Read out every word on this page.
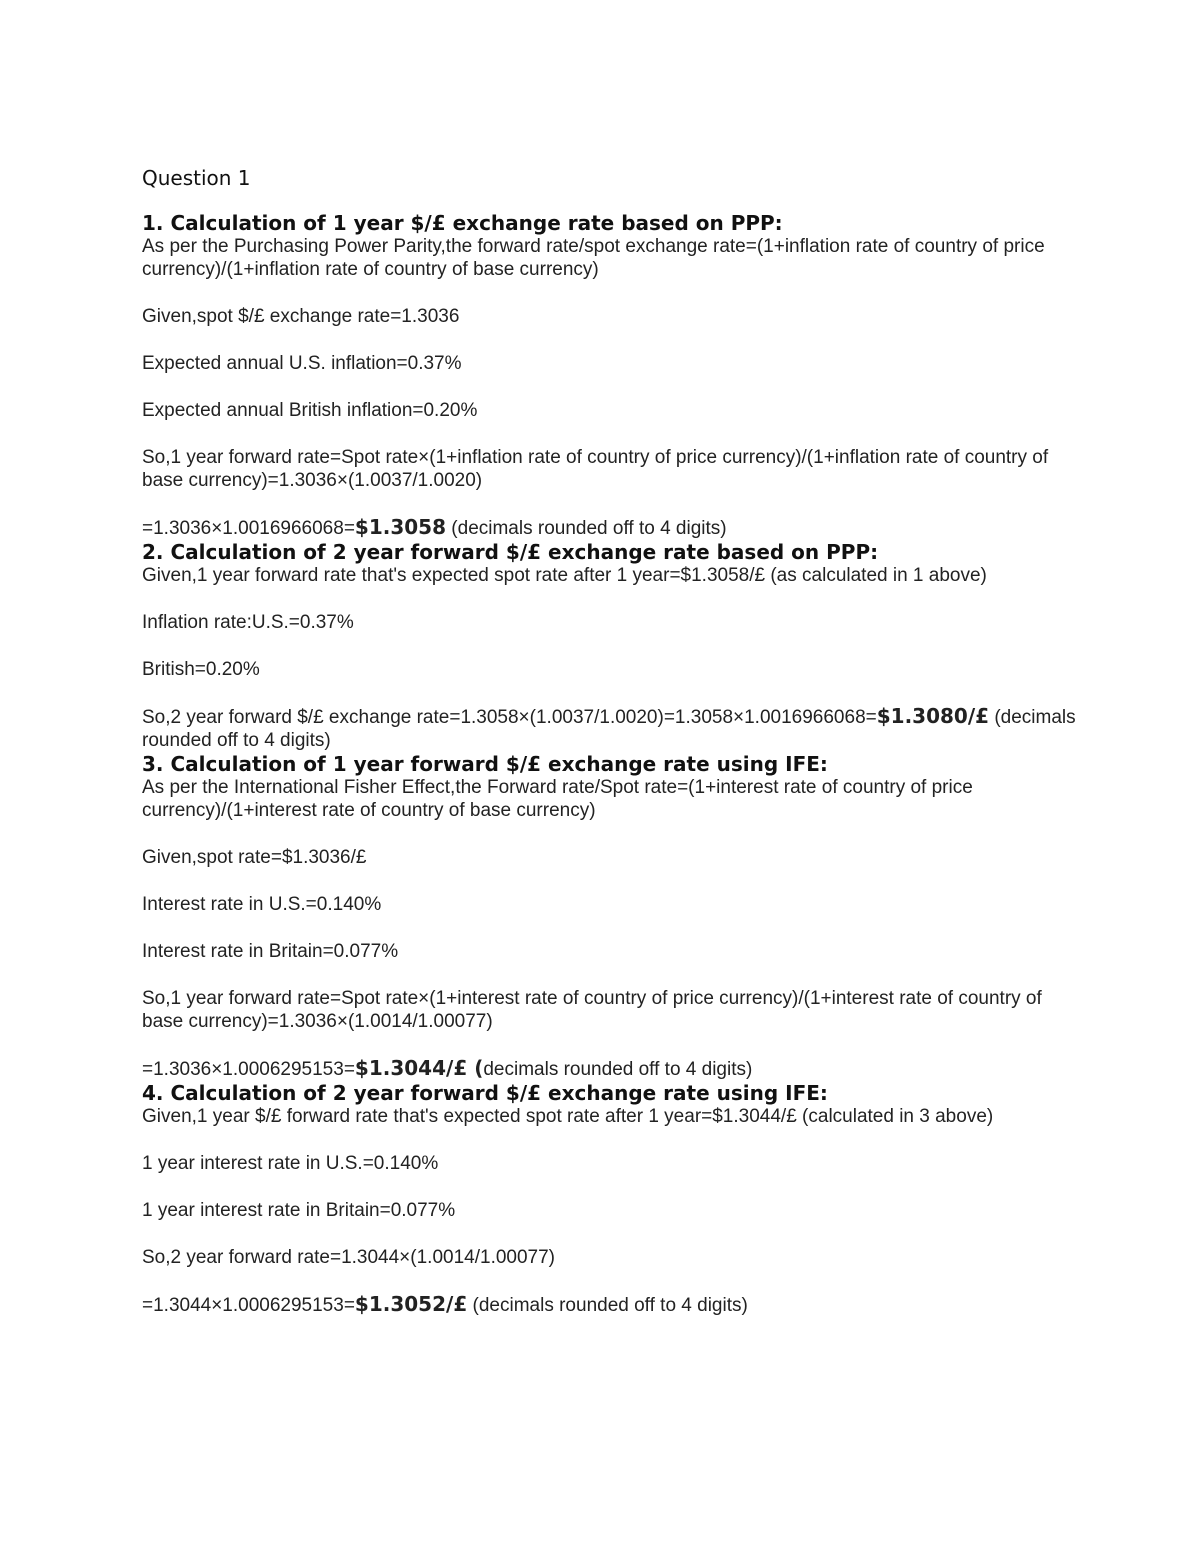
Question 1
1. Calculation of 1 year $/£ exchange rate based on PPP:
As per the Purchasing Power Parity,the forward rate/spot exchange rate=(1+inflation rate of country of price currency)/(1+inflation rate of country of base currency)
Given,spot $/£ exchange rate=1.3036
Expected annual U.S. inflation=0.37%
Expected annual British inflation=0.20%
So,1 year forward rate=Spot rate×(1+inflation rate of country of price currency)/(1+inflation rate of country of base currency)=1.3036×(1.0037/1.0020)
=1.3036×1.0016966068=$1.3058 (decimals rounded off to 4 digits)
2. Calculation of 2 year forward $/£ exchange rate based on PPP:
Given,1 year forward rate that's expected spot rate after 1 year=$1.3058/£ (as calculated in 1 above)
Inflation rate:U.S.=0.37%
British=0.20%
So,2 year forward $/£ exchange rate=1.3058×(1.0037/1.0020)=1.3058×1.0016966068=$1.3080/£ (decimals rounded off to 4 digits)
3. Calculation of 1 year forward $/£ exchange rate using IFE:
As per the International Fisher Effect,the Forward rate/Spot rate=(1+interest rate of country of price currency)/(1+interest rate of country of base currency)
Given,spot rate=$1.3036/£
Interest rate in U.S.=0.140%
Interest rate in Britain=0.077%
So,1 year forward rate=Spot rate×(1+interest rate of country of price currency)/(1+interest rate of country of base currency)=1.3036×(1.0014/1.00077)
=1.3036×1.0006295153=$1.3044/£ (decimals rounded off to 4 digits)
4. Calculation of 2 year forward $/£ exchange rate using IFE:
Given,1 year $/£ forward rate that's expected spot rate after 1 year=$1.3044/£ (calculated in 3 above)
1 year interest rate in U.S.=0.140%
1 year interest rate in Britain=0.077%
So,2 year forward rate=1.3044×(1.0014/1.00077)
=1.3044×1.0006295153=$1.3052/£ (decimals rounded off to 4 digits)
